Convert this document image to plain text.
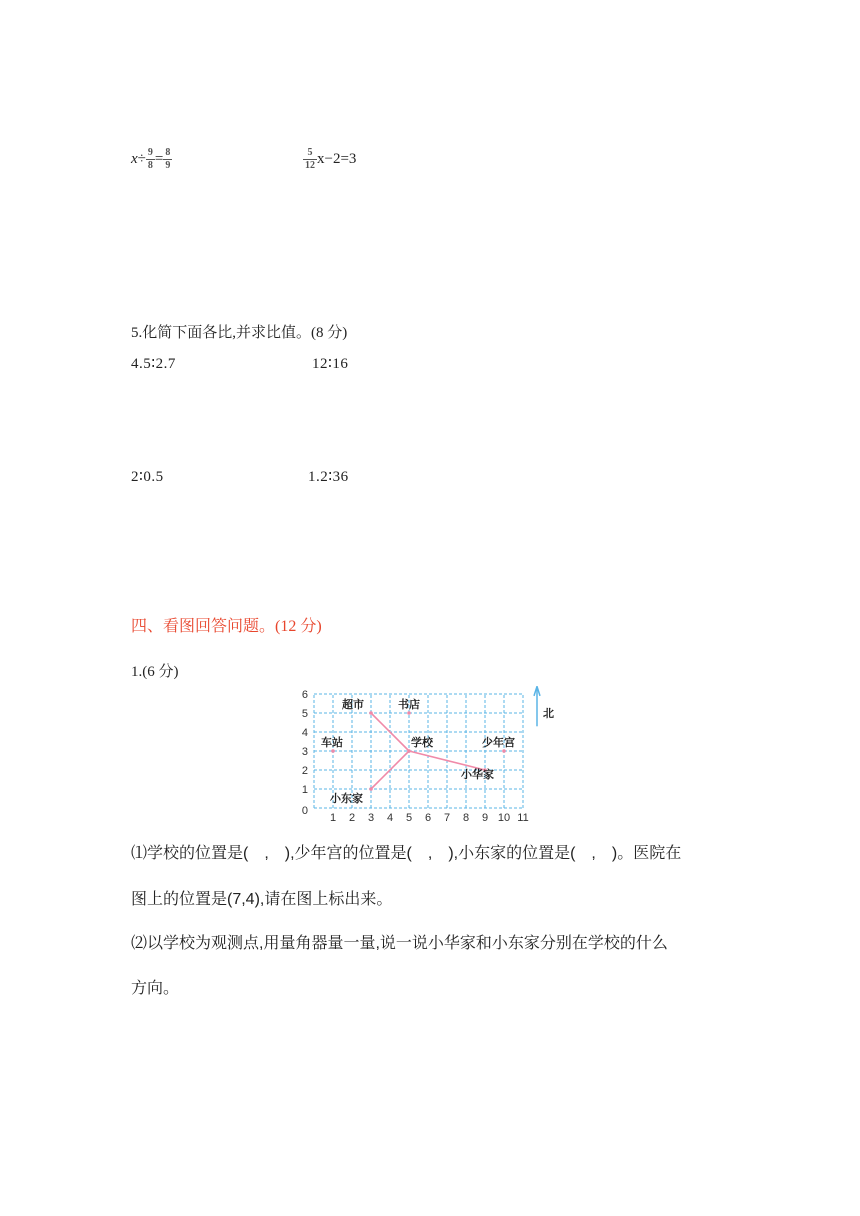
$x \div \frac{9}{8} = \frac{8}{9}$	$\frac{5}{12} x-2=3$
5.化简下面各比,并求比值。(8 分)
4.5∶2.7	12∶16
2∶0.5	1.2∶36
四、看图回答问题。(12 分)
1.(6 分)
超市	书店
车站	学校	少年宫
小华家
小东家
1 2 3 4 5 6 7 8 9 10 11
1
2
3
4
5
6
0
北
⑴学校的位置是(　,　),少年宫的位置是(　,　),小东家的位置是(　,　)。医院在
图上的位置是(7,4),请在图上标出来。
⑵以学校为观测点,用量角器量一量,说一说小华家和小东家分别在学校的什么
方向。
